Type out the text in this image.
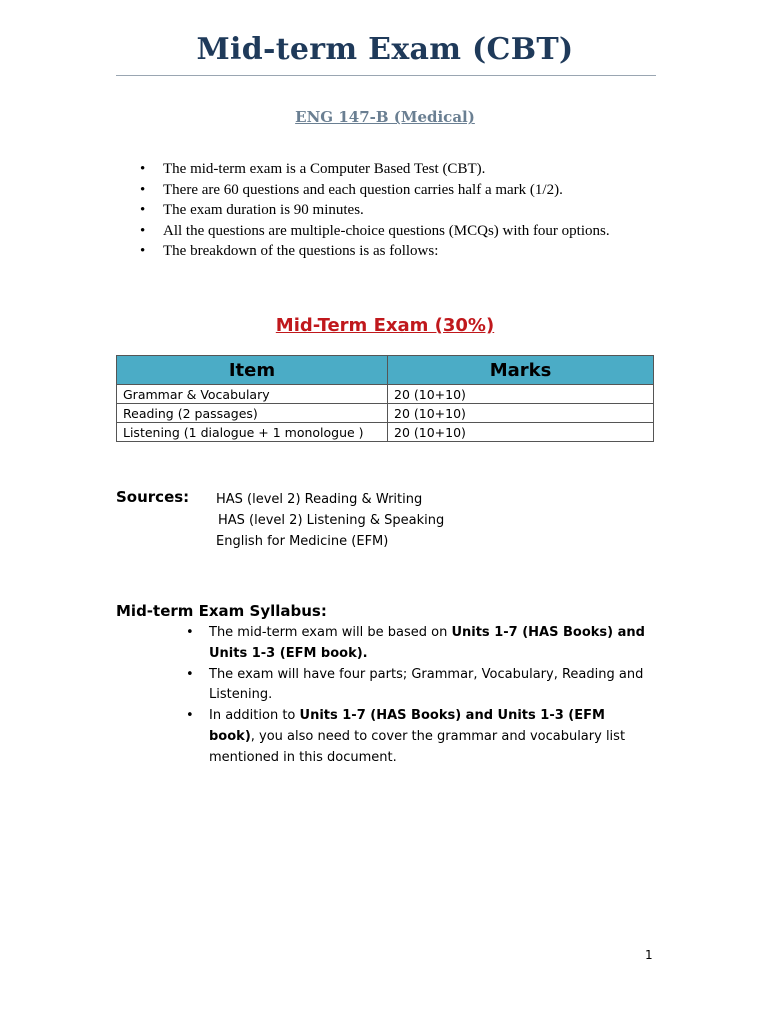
Mid-term Exam (CBT)
ENG 147-B (Medical)
• The mid-term exam is a Computer Based Test (CBT).
• There are 60 questions and each question carries half a mark (1/2).
• The exam duration is 90 minutes.
• All the questions are multiple-choice questions (MCQs) with four options.
• The breakdown of the questions is as follows:
Mid-Term Exam (30%)
Item	Marks
Grammar & Vocabulary	20 (10+10)
Reading (2 passages)	20 (10+10)
Listening (1 dialogue + 1 monologue )	20 (10+10)
Sources: HAS (level 2) Reading & Writing
HAS (level 2) Listening & Speaking
English for Medicine (EFM)
Mid-term Exam Syllabus:
• The mid-term exam will be based on Units 1-7 (HAS Books) and Units 1-3 (EFM book).
• The exam will have four parts; Grammar, Vocabulary, Reading and Listening.
• In addition to Units 1-7 (HAS Books) and Units 1-3 (EFM book), you also need to cover the grammar and vocabulary list mentioned in this document.
1
